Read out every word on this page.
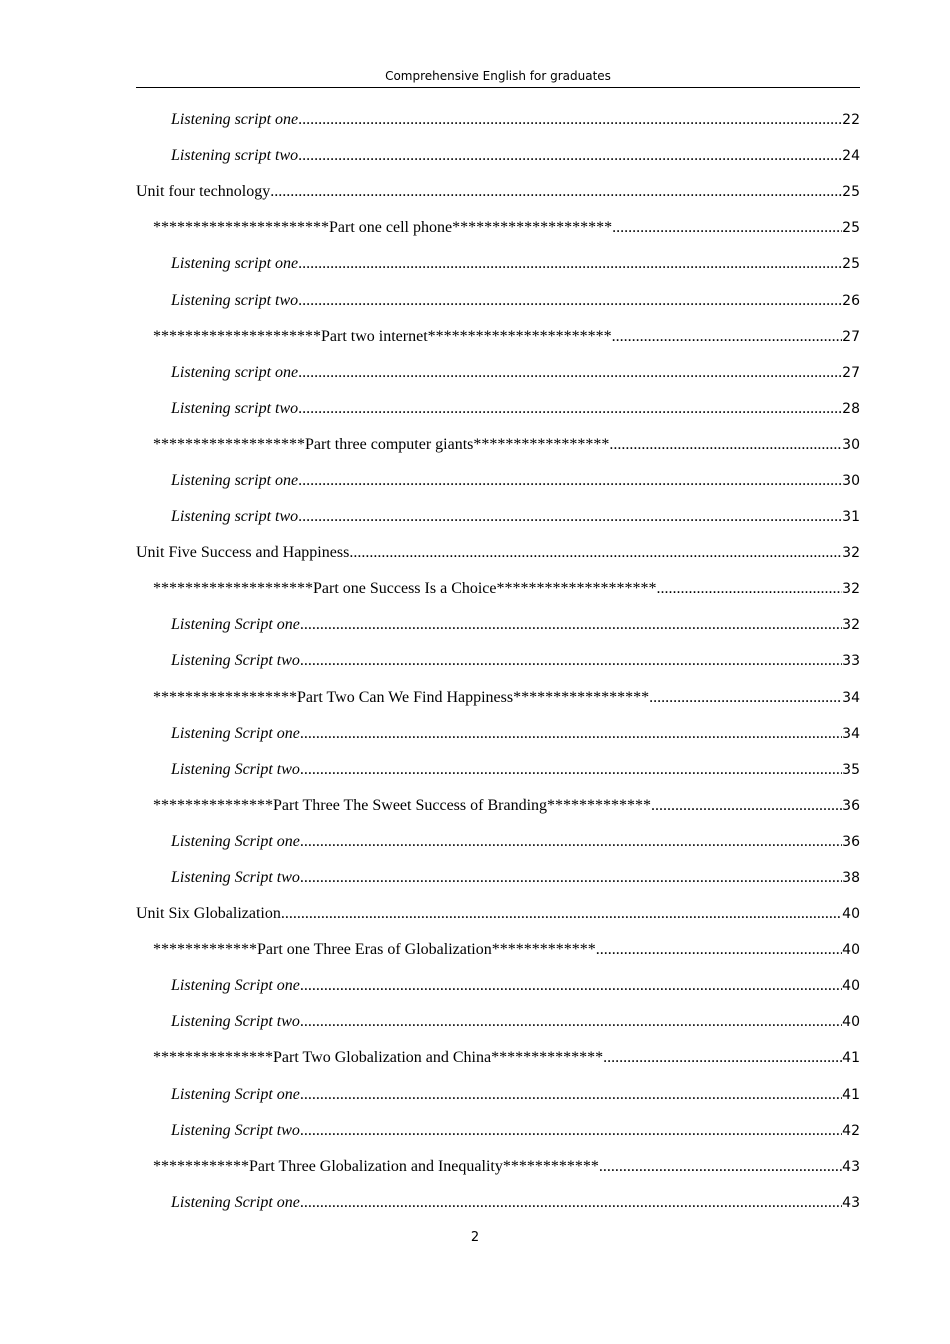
Comprehensive English for graduates
Listening script one .....	22
Listening script two .....	24
Unit four technology .....	25
**********************Part one cell phone******************** .....	25
Listening script one .....	25
Listening script two .....	26
*********************Part two internet*********************** .....	27
Listening script one .....	27
Listening script two .....	28
*******************Part three computer giants***************** .....	30
Listening script one .....	30
Listening script two .....	31
Unit Five Success and Happiness .....	32
********************Part one Success Is a Choice******************** .....	32
Listening Script one .....	32
Listening Script two .....	33
******************Part Two Can We Find Happiness***************** .....	34
Listening Script one .....	34
Listening Script two .....	35
***************Part Three The Sweet Success of Branding************* .....	36
Listening Script one .....	36
Listening Script two .....	38
Unit Six Globalization .....	40
*************Part one Three Eras of Globalization************* .....	40
Listening Script one .....	40
Listening Script two .....	40
***************Part Two Globalization and China************** .....	41
Listening Script one .....	41
Listening Script two .....	42
************Part Three Globalization and Inequality************ .....	43
Listening Script one .....	43
2
